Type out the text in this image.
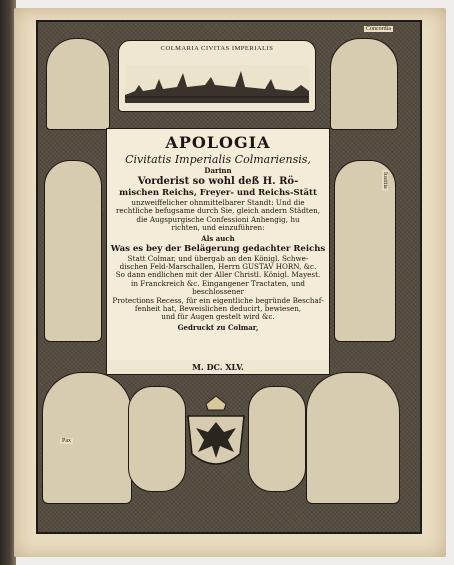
COLMARIA CIVITAS IMPERIALIS
Concordia
Iustitia
Pax
APOLOGIA
Civitatis Imperialis Colmariensis,
Darinn
Vorderist so wohl deß H. Rö-
mischen Reichs, Freyer- und Reichs-Stätt
unzweiffelicher ohnmittelbarer Standt: Und die
rechtliche befugsame durch Sie, gleich andern Städten,
die Augspurgische Confessioni Anhengig, hu
richten, und einzuführen:
Als auch
Was es bey der Belägerung gedachter Reichs
Statt Colmar, und übergab an den Königl. Schwe-
dischen Feld-Marschallen, Herrn GUSTAV HORN, &c.
So dann endlichen mit der Aller Christl. Königl. Mayest.
in Franckreich &c. Eingangener Tractaten, und beschlossener
Protections Recess, für ein eigentliche begründe Beschaf-
fenheit hat, Beweislichen deducirt, bewiesen,
und für Augen gestelt wird &c.
Gedruckt zu Colmar,
M. DC. XLV.
